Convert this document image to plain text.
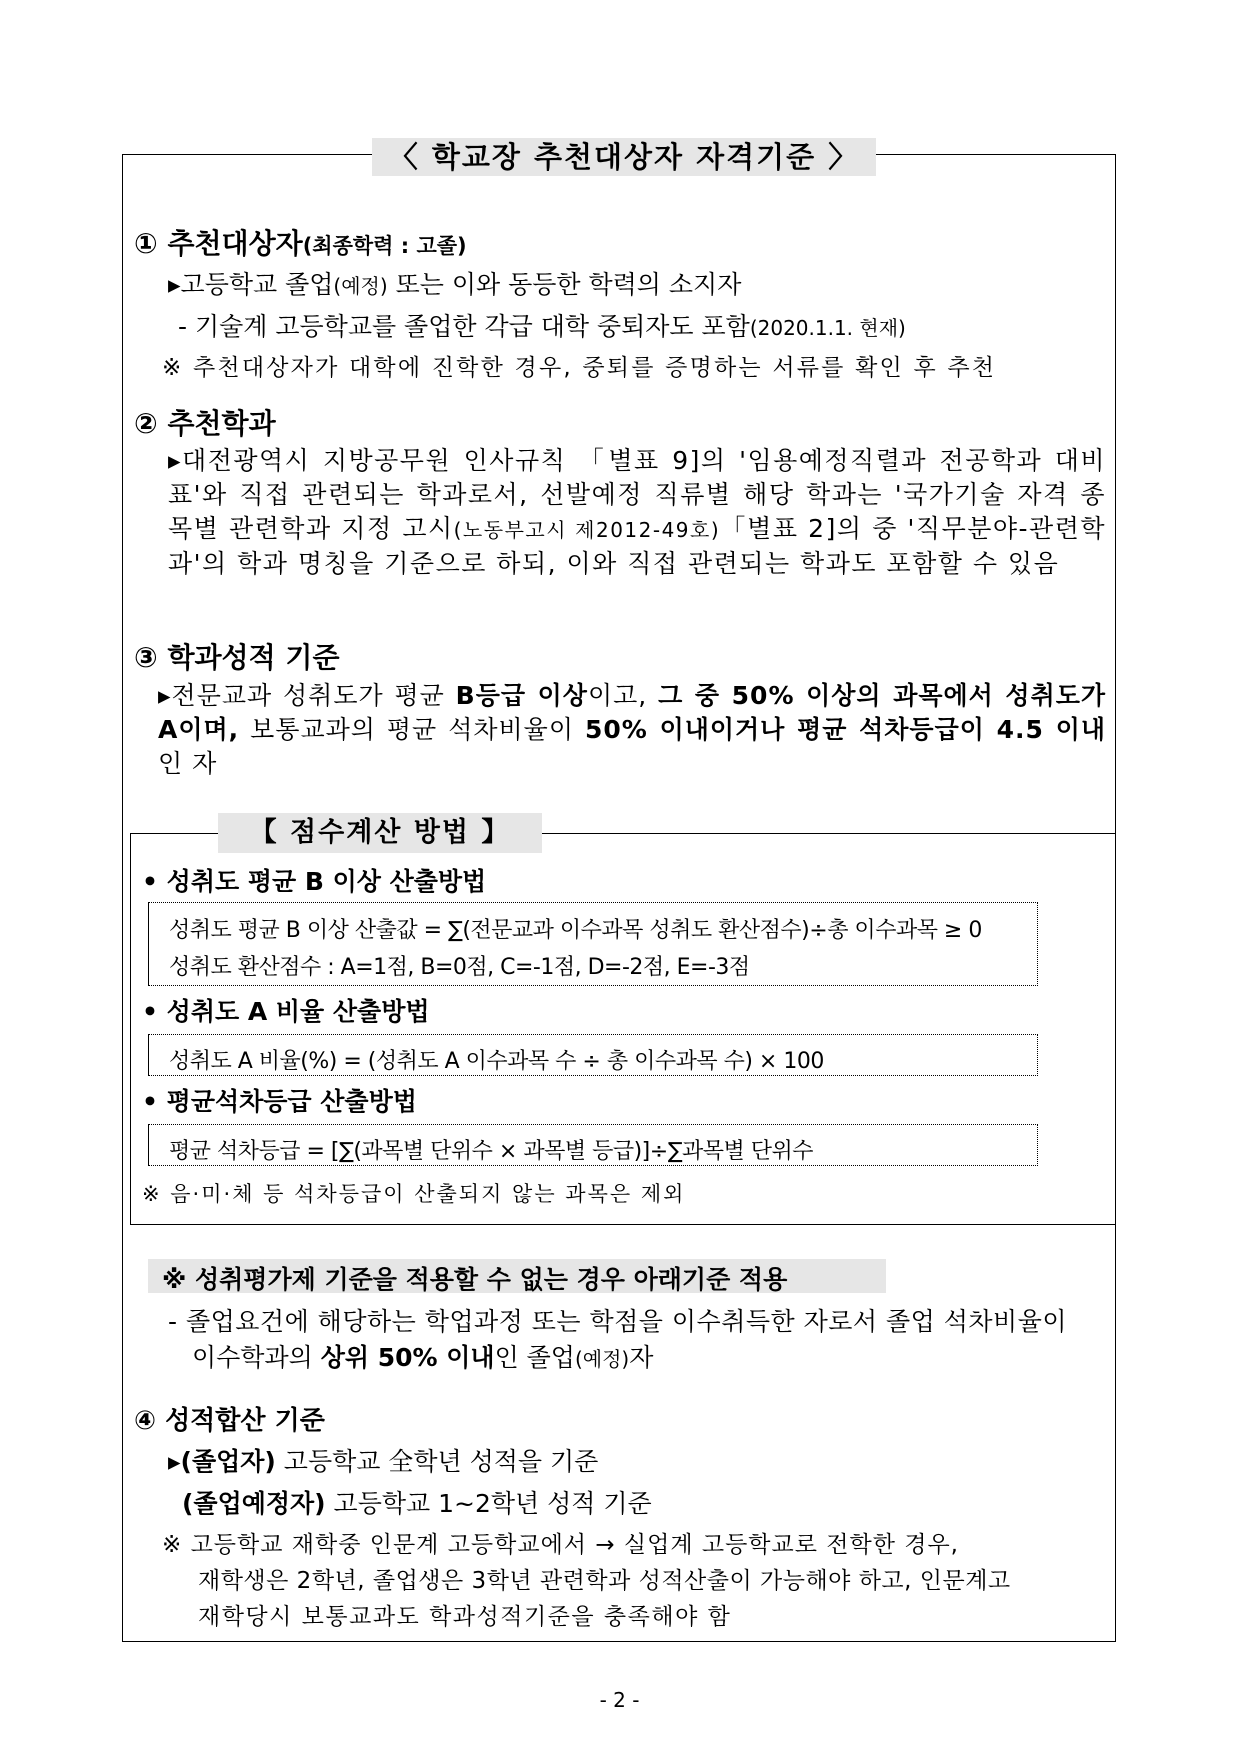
〈 학교장 추천대상자 자격기준 〉
① 추천대상자(최종학력 : 고졸)
▸고등학교 졸업(예정) 또는 이와 동등한 학력의 소지자
- 기술계 고등학교를 졸업한 각급 대학 중퇴자도 포함(2020.1.1. 현재)
※ 추천대상자가 대학에 진학한 경우, 중퇴를 증명하는 서류를 확인 후 추천
② 추천학과
▸대전광역시 지방공무원 인사규칙 「별표 9]의 '임용예정직렬과 전공학과 대비표'와 직접 관련되는 학과로서, 선발예정 직류별 해당 학과는 '국가기술 자격 종목별 관련학과 지정 고시(노동부고시 제2012-49호)「별표 2]의 중 '직무분야-관련학과'의 학과 명칭을 기준으로 하되, 이와 직접 관련되는 학과도 포함할 수 있음
③ 학과성적 기준
▸전문교과 성취도가 평균 B등급 이상이고, 그 중 50% 이상의 과목에서 성취도가 A이며, 보통교과의 평균 석차비율이 50% 이내이거나 평균 석차등급이 4.5 이내인 자
【 점수계산 방법 】
• 성취도 평균 B 이상 산출방법
성취도 평균 B 이상 산출값 = ∑(전문교과 이수과목 성취도 환산점수)÷총 이수과목 ≥ 0
성취도 환산점수 : A=1점, B=0점, C=-1점, D=-2점, E=-3점
• 성취도 A 비율 산출방법
성취도 A 비율(%) = (성취도 A 이수과목 수 ÷ 총 이수과목 수) × 100
• 평균석차등급 산출방법
평균 석차등급 = [∑(과목별 단위수 × 과목별 등급)]÷∑과목별 단위수
※ 음·미·체 등 석차등급이 산출되지 않는 과목은 제외
※ 성취평가제 기준을 적용할 수 없는 경우 아래기준 적용
- 졸업요건에 해당하는 학업과정 또는 학점을 이수취득한 자로서 졸업 석차비율이
이수학과의 상위 50% 이내인 졸업(예정)자
④ 성적합산 기준
▸(졸업자) 고등학교 全학년 성적을 기준
(졸업예정자) 고등학교 1~2학년 성적 기준
※ 고등학교 재학중 인문계 고등학교에서 → 실업계 고등학교로 전학한 경우,
재학생은 2학년, 졸업생은 3학년 관련학과 성적산출이 가능해야 하고, 인문계고
재학당시 보통교과도 학과성적기준을 충족해야 함
- 2 -
